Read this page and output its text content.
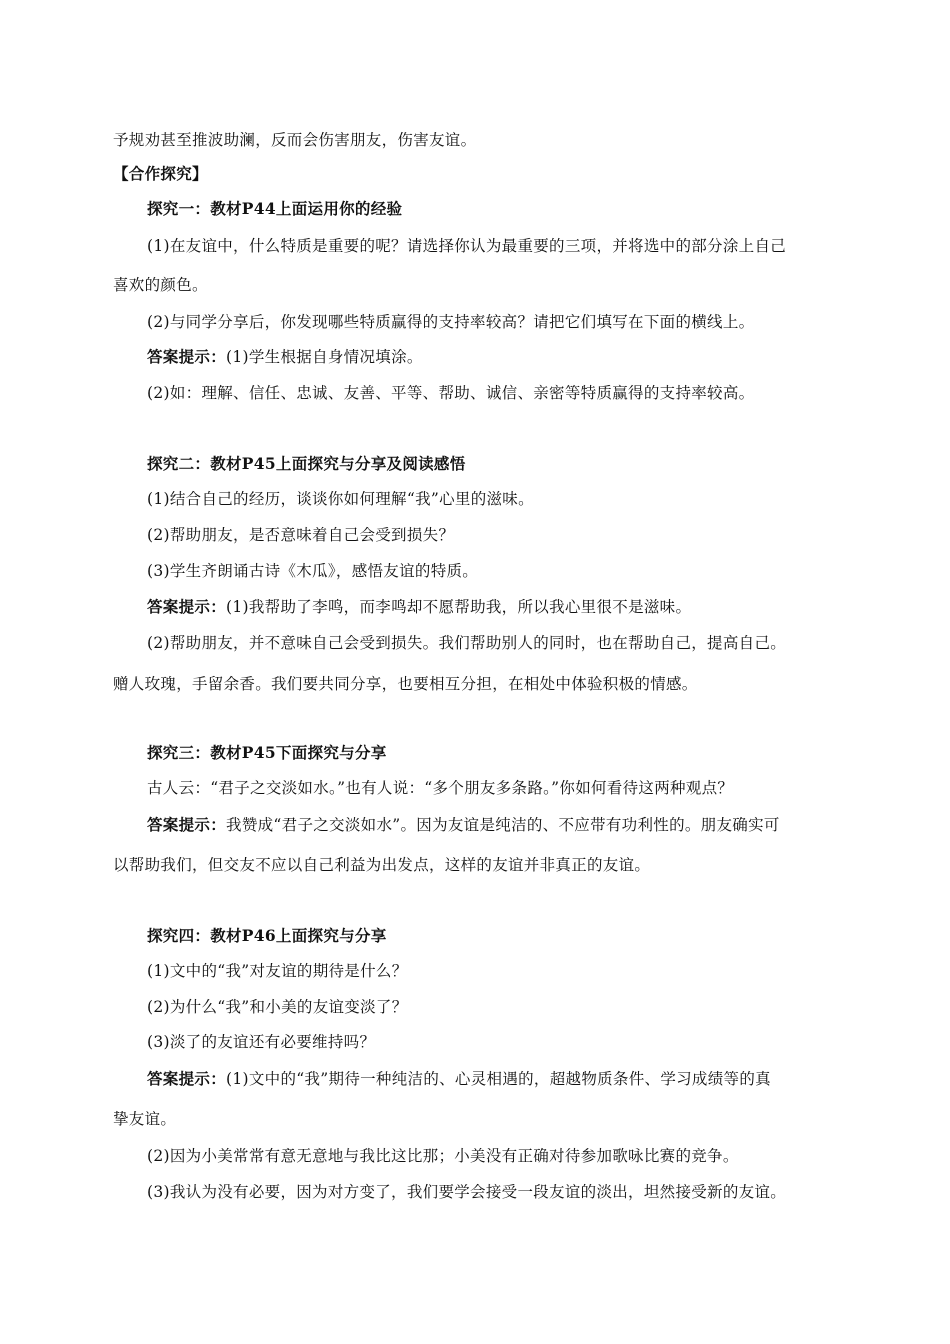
予规劝甚至推波助澜，反而会伤害朋友，伤害友谊。
【合作探究】
探究一：教材P44上面运用你的经验
(1)在友谊中，什么特质是重要的呢？请选择你认为最重要的三项，并将选中的部分涂上自己
喜欢的颜色。
(2)与同学分享后，你发现哪些特质赢得的支持率较高？请把它们填写在下面的横线上。
答案提示：(1)学生根据自身情况填涂。
(2)如：理解、信任、忠诚、友善、平等、帮助、诚信、亲密等特质赢得的支持率较高。
探究二：教材P45上面探究与分享及阅读感悟
(1)结合自己的经历，谈谈你如何理解“我”心里的滋味。
(2)帮助朋友，是否意味着自己会受到损失？
(3)学生齐朗诵古诗《木瓜》，感悟友谊的特质。
答案提示：(1)我帮助了李鸣，而李鸣却不愿帮助我，所以我心里很不是滋味。
(2)帮助朋友，并不意味自己会受到损失。我们帮助别人的同时，也在帮助自己，提高自己。
赠人玫瑰，手留余香。我们要共同分享，也要相互分担，在相处中体验积极的情感。
探究三：教材P45下面探究与分享
古人云：“君子之交淡如水。”也有人说：“多个朋友多条路。”你如何看待这两种观点？
答案提示：我赞成“君子之交淡如水”。因为友谊是纯洁的、不应带有功利性的。朋友确实可
以帮助我们，但交友不应以自己利益为出发点，这样的友谊并非真正的友谊。
探究四：教材P46上面探究与分享
(1)文中的“我”对友谊的期待是什么？
(2)为什么“我”和小美的友谊变淡了？
(3)淡了的友谊还有必要维持吗？
答案提示：(1)文中的“我”期待一种纯洁的、心灵相遇的，超越物质条件、学习成绩等的真
挚友谊。
(2)因为小美常常有意无意地与我比这比那；小美没有正确对待参加歌咏比赛的竞争。
(3)我认为没有必要，因为对方变了，我们要学会接受一段友谊的淡出，坦然接受新的友谊。
